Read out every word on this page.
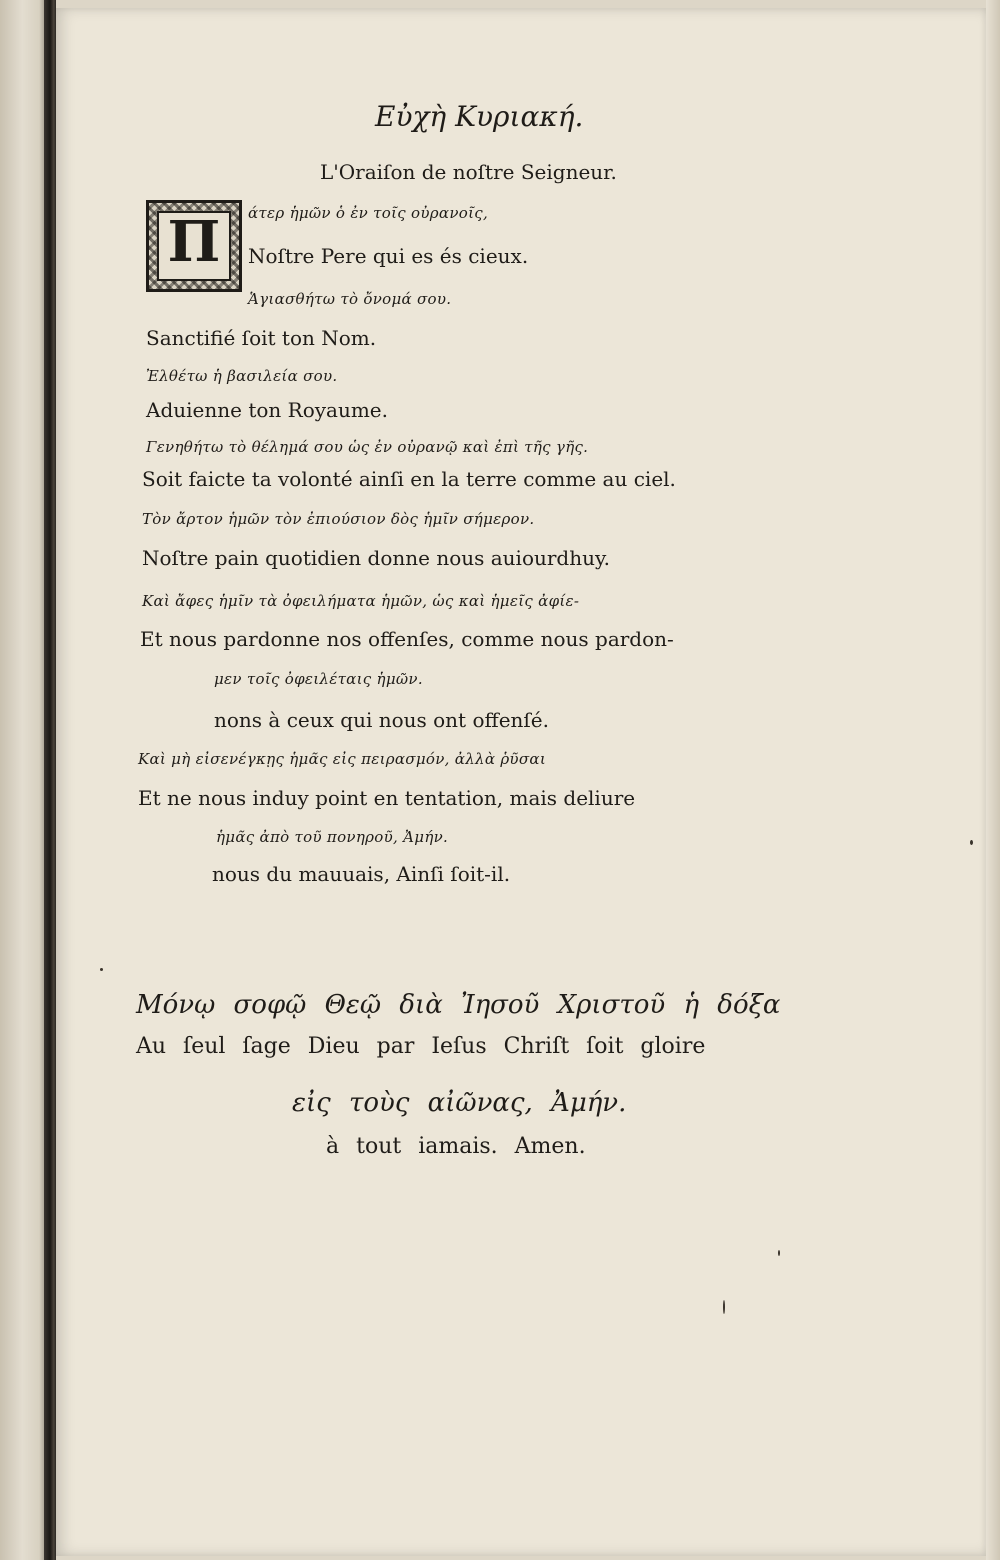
Εὐχὴ Κυριακή.
L'Oraiſon de noſtre Seigneur.
Π	άτερ ἡμῶν ὁ ἐν τοῖς οὐρανοῖς,
Noſtre Pere qui es és cieux.
Ἁγιασθήτω τὸ ὄνομά σου.
Sanctifié ſoit ton Nom.
Ἐλθέτω ἡ βασιλεία σου.
Aduienne ton Royaume.
Γενηθήτω τὸ θέλημά σου ὡς ἐν οὐρανῷ καὶ ἐπὶ τῆς γῆς.
Soit faicte ta volonté ainſi en la terre comme au ciel.
Τὸν ἄρτον ἡμῶν τὸν ἐπιούσιον δὸς ἡμῖν σήμερον.
Noſtre pain quotidien donne nous auiourdhuy.
Καὶ ἄφες ἡμῖν τὰ ὀφειλήματα ἡμῶν, ὡς καὶ ἡμεῖς ἀφίε-
Et nous pardonne nos offenſes, comme nous pardon-
μεν τοῖς ὀφειλέταις ἡμῶν.
nons à ceux qui nous ont offenſé.
Καὶ μὴ εἰσενέγκῃς ἡμᾶς εἰς πειρασμόν, ἀλλὰ ῥῦσαι
Et ne nous induy point en tentation, mais deliure
ἡμᾶς ἀπὸ τοῦ πονηροῦ, Ἀμήν.
nous du mauuais, Ainſi ſoit-il.
Μόνῳ σοφῷ Θεῷ διὰ Ἰησοῦ Χριστοῦ ἡ δόξα
Au ſeul ſage Dieu par Ieſus Chriſt ſoit gloire
εἰς τοὺς αἰῶνας, Ἀμήν.
à tout iamais. Amen.
